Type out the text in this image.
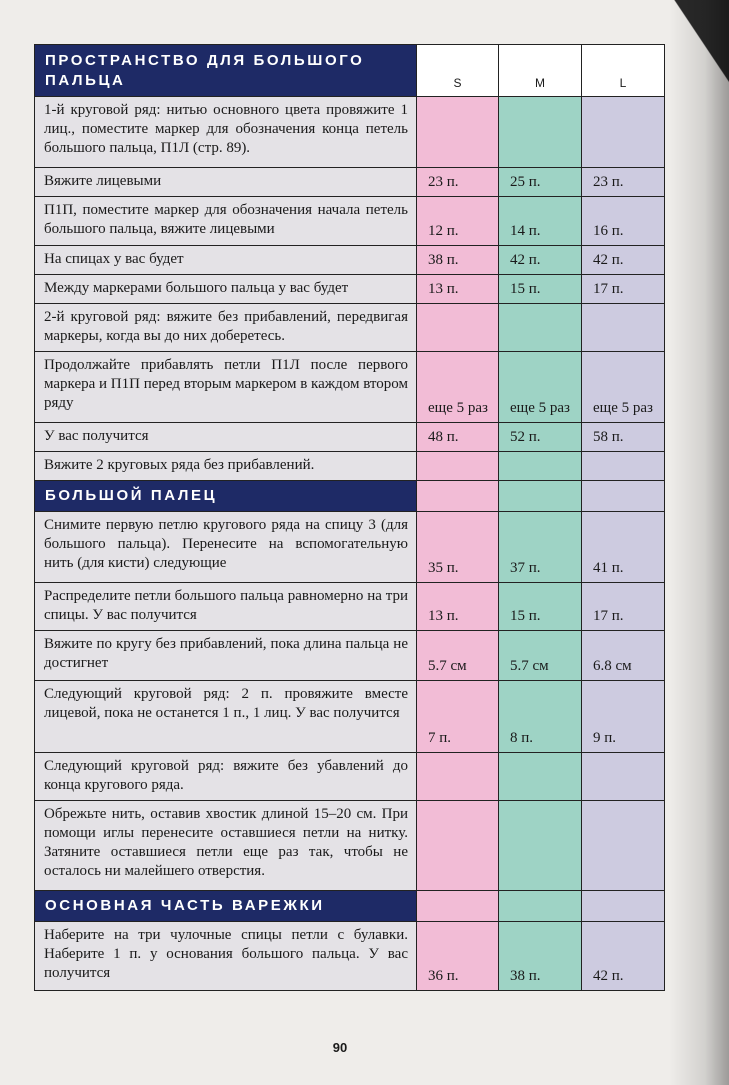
ПРОСТРАНСТВО ДЛЯ БОЛЬШОГО ПАЛЬЦА	S	M	L
1-й круговой ряд: нитью основного цвета провяжите 1 лиц., поместите маркер для обозначения конца петель большого пальца, П1Л (стр. 89).			
Вяжите лицевыми	23 п.	25 п.	23 п.
П1П, поместите маркер для обозначения начала петель большого пальца, вяжите лицевыми	12 п.	14 п.	16 п.
На спицах у вас будет	38 п.	42 п.	42 п.
Между маркерами большого пальца у вас будет	13 п.	15 п.	17 п.
2-й круговой ряд: вяжите без прибавлений, передвигая маркеры, когда вы до них доберетесь.			
Продолжайте прибавлять петли П1Л после первого маркера и П1П перед вторым маркером в каждом втором ряду	еще 5 раз	еще 5 раз	еще 5 раз
У вас получится	48 п.	52 п.	58 п.
Вяжите 2 круговых ряда без прибавлений.			
БОЛЬШОЙ ПАЛЕЦ			
Снимите первую петлю кругового ряда на спицу 3 (для большого пальца). Перенесите на вспомогательную нить (для кисти) следующие	35 п.	37 п.	41 п.
Распределите петли большого пальца равномерно на три спицы. У вас получится	13 п.	15 п.	17 п.
Вяжите по кругу без прибавлений, пока длина пальца не достигнет	5.7 см	5.7 см	6.8 см
Следующий круговой ряд: 2 п. провяжите вместе лицевой, пока не останется 1 п., 1 лиц. У вас получится	7 п.	8 п.	9 п.
Следующий круговой ряд: вяжите без убавлений до конца кругового ряда.			
Обрежьте нить, оставив хвостик длиной 15–20 см. При помощи иглы перенесите оставшиеся петли на нитку. Затяните оставшиеся петли еще раз так, чтобы не осталось ни малейшего отверстия.			
ОСНОВНАЯ ЧАСТЬ ВАРЕЖКИ			
Наберите на три чулочные спицы петли с булавки. Наберите 1 п. у основания большого пальца. У вас получится	36 п.	38 п.	42 п.
90
